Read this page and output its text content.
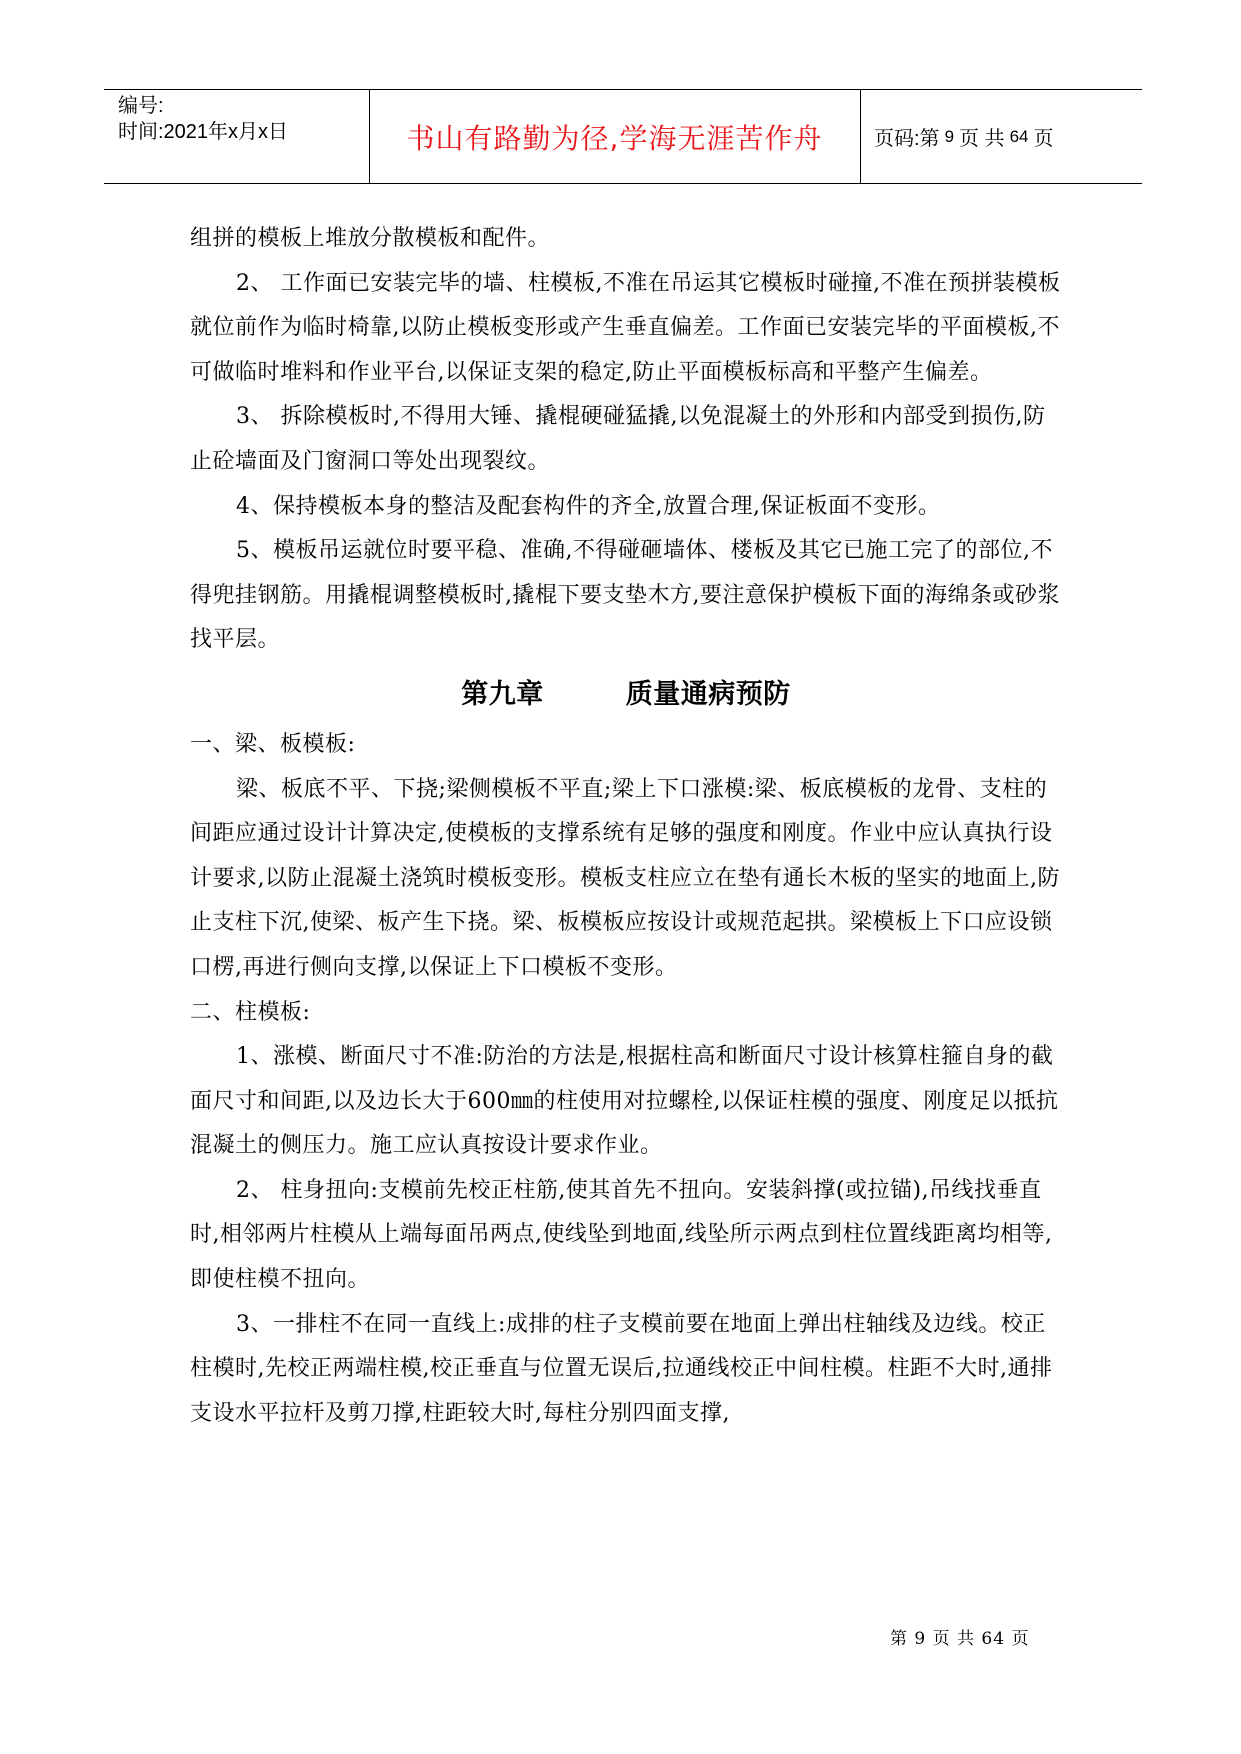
编号:
时间:2021年x月x日	书山有路勤为径,学海无涯苦作舟	页码:第 9 页 共 64 页

组拼的模板上堆放分散模板和配件。

2、 工作面已安装完毕的墙、柱模板,不准在吊运其它模板时碰撞,不准在预拼装模板就位前作为临时椅靠,以防止模板变形或产生垂直偏差。工作面已安装完毕的平面模板,不可做临时堆料和作业平台,以保证支架的稳定,防止平面模板标高和平整产生偏差。

3、 拆除模板时,不得用大锤、撬棍硬碰猛撬,以免混凝土的外形和内部受到损伤,防止砼墙面及门窗洞口等处出现裂纹。

4、保持模板本身的整洁及配套构件的齐全,放置合理,保证板面不变形。

5、模板吊运就位时要平稳、准确,不得碰砸墙体、楼板及其它已施工完了的部位,不得兜挂钢筋。用撬棍调整模板时,撬棍下要支垫木方,要注意保护模板下面的海绵条或砂浆找平层。

第九章	质量通病预防

一、梁、板模板:

梁、板底不平、下挠;梁侧模板不平直;梁上下口涨模:梁、板底模板的龙骨、支柱的间距应通过设计计算决定,使模板的支撑系统有足够的强度和刚度。作业中应认真执行设计要求,以防止混凝土浇筑时模板变形。模板支柱应立在垫有通长木板的坚实的地面上,防止支柱下沉,使梁、板产生下挠。梁、板模板应按设计或规范起拱。梁模板上下口应设锁口楞,再进行侧向支撑,以保证上下口模板不变形。

二、柱模板:

1、涨模、断面尺寸不准:防治的方法是,根据柱高和断面尺寸设计核算柱箍自身的截面尺寸和间距,以及边长大于600㎜的柱使用对拉螺栓,以保证柱模的强度、刚度足以抵抗混凝土的侧压力。施工应认真按设计要求作业。

2、 柱身扭向:支模前先校正柱筋,使其首先不扭向。安装斜撑(或拉锚),吊线找垂直时,相邻两片柱模从上端每面吊两点,使线坠到地面,线坠所示两点到柱位置线距离均相等,即使柱模不扭向。

3、一排柱不在同一直线上:成排的柱子支模前要在地面上弹出柱轴线及边线。校正柱模时,先校正两端柱模,校正垂直与位置无误后,拉通线校正中间柱模。柱距不大时,通排支设水平拉杆及剪刀撑,柱距较大时,每柱分别四面支撑,

第 9 页 共 64 页
